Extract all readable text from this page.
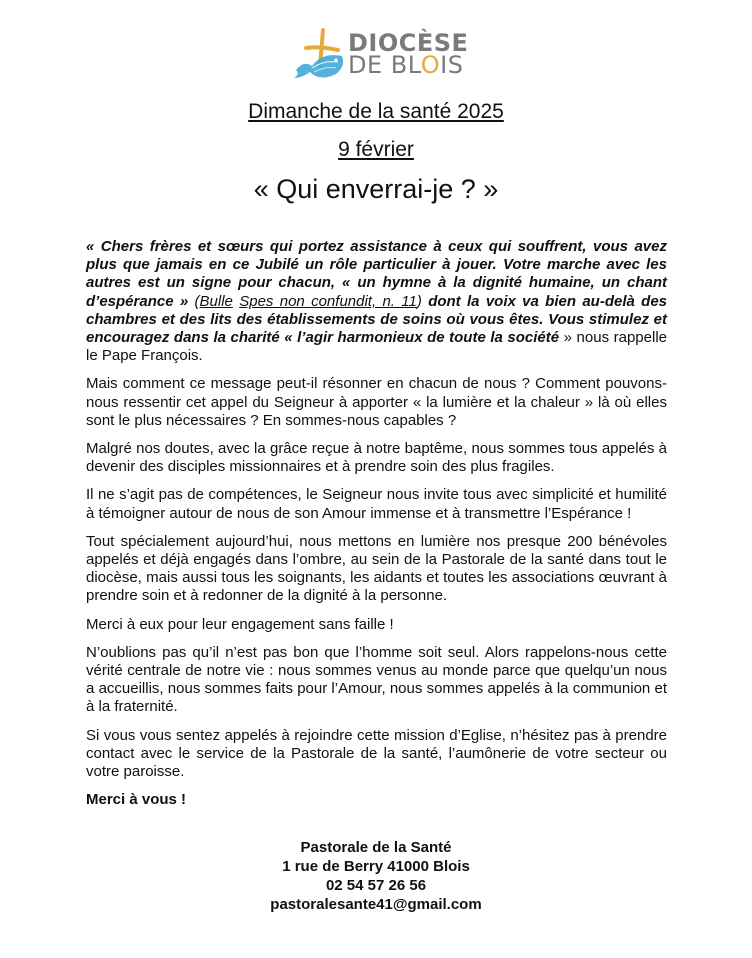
DIOCÈSE
DE BLOIS
Dimanche de la santé 2025
9 février
« Qui enverrai-je ? »

« Chers frères et sœurs qui portez assistance à ceux qui souffrent, vous avez plus que jamais en ce Jubilé un rôle particulier à jouer. Votre marche avec les autres est un signe pour chacun, « un hymne à la dignité humaine, un chant d’espérance » (Bulle Spes non confundit, n. 11) dont la voix va bien au-delà des chambres et des lits des établissements de soins où vous êtes. Vous stimulez et encouragez dans la charité « l’agir harmonieux de toute la société » nous rappelle le Pape François.

Mais comment ce message peut-il résonner en chacun de nous ? Comment pouvons-nous ressentir cet appel du Seigneur à apporter « la lumière et la chaleur » là où elles sont le plus nécessaires ? En sommes-nous capables ?

Malgré nos doutes, avec la grâce reçue à notre baptême, nous sommes tous appelés à devenir des disciples missionnaires et à prendre soin des plus fragiles.

Il ne s’agit pas de compétences, le Seigneur nous invite tous avec simplicité et humilité à témoigner autour de nous de son Amour immense et à transmettre l’Espérance !

Tout spécialement aujourd’hui, nous mettons en lumière nos presque 200 bénévoles appelés et déjà engagés dans l’ombre, au sein de la Pastorale de la santé dans tout le diocèse, mais aussi tous les soignants, les aidants et toutes les associations œuvrant à prendre soin et à redonner de la dignité à la personne.

Merci à eux pour leur engagement sans faille !

N’oublions pas qu’il n’est pas bon que l’homme soit seul. Alors rappelons-nous cette vérité centrale de notre vie : nous sommes venus au monde parce que quelqu’un nous a accueillis, nous sommes faits pour l’Amour, nous sommes appelés à la communion et à la fraternité.

Si vous vous sentez appelés à rejoindre cette mission d’Eglise, n’hésitez pas à prendre contact avec le service de la Pastorale de la santé, l’aumônerie de votre secteur ou votre paroisse.

Merci à vous !

Pastorale de la Santé
1 rue de Berry 41000 Blois
02 54 57 26 56
pastoralesante41@gmail.com
